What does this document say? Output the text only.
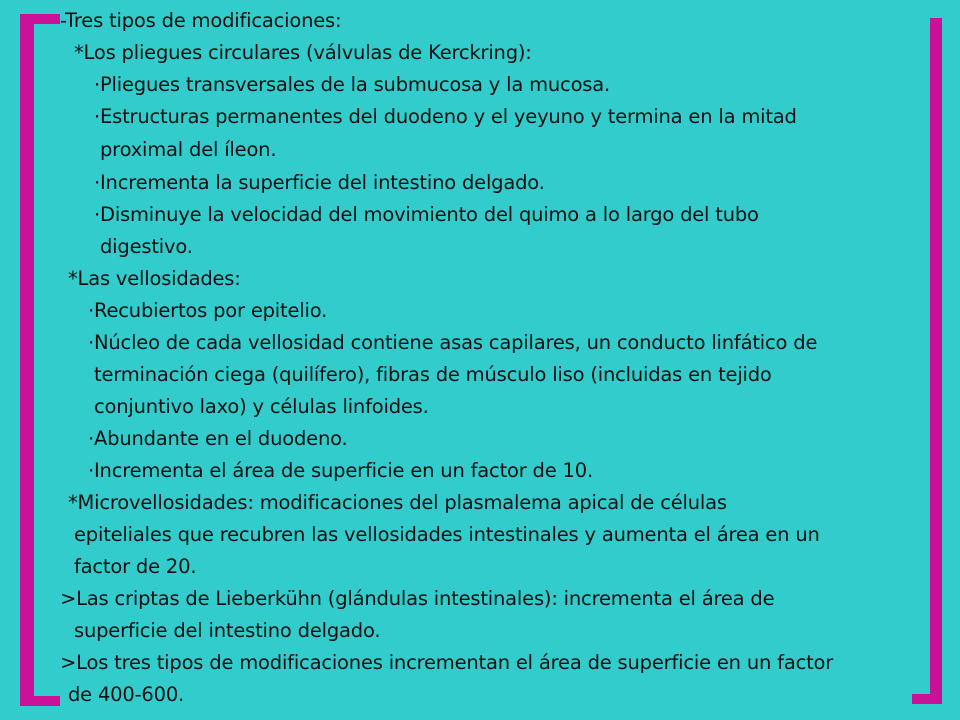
-Tres tipos de modificaciones:
*Los pliegues circulares (válvulas de Kerckring):
·Pliegues transversales de la submucosa y la mucosa.
·Estructuras permanentes del duodeno y el yeyuno y termina en la mitad
proximal del íleon.
·Incrementa la superficie del intestino delgado.
·Disminuye la velocidad del movimiento del quimo a lo largo del tubo
digestivo.
*Las vellosidades:
·Recubiertos por epitelio.
·Núcleo de cada vellosidad contiene asas capilares, un conducto linfático de
terminación ciega (quilífero), fibras de músculo liso (incluidas en tejido
conjuntivo laxo) y células linfoides.
·Abundante en el duodeno.
·Incrementa el área de superficie en un factor de 10.
*Microvellosidades: modificaciones del plasmalema apical de células
epiteliales que recubren las vellosidades intestinales y aumenta el área en un
factor de 20.
>Las criptas de Lieberkühn (glándulas intestinales): incrementa el área de
superficie del intestino delgado.
>Los tres tipos de modificaciones incrementan el área de superficie en un factor
de 400-600.
